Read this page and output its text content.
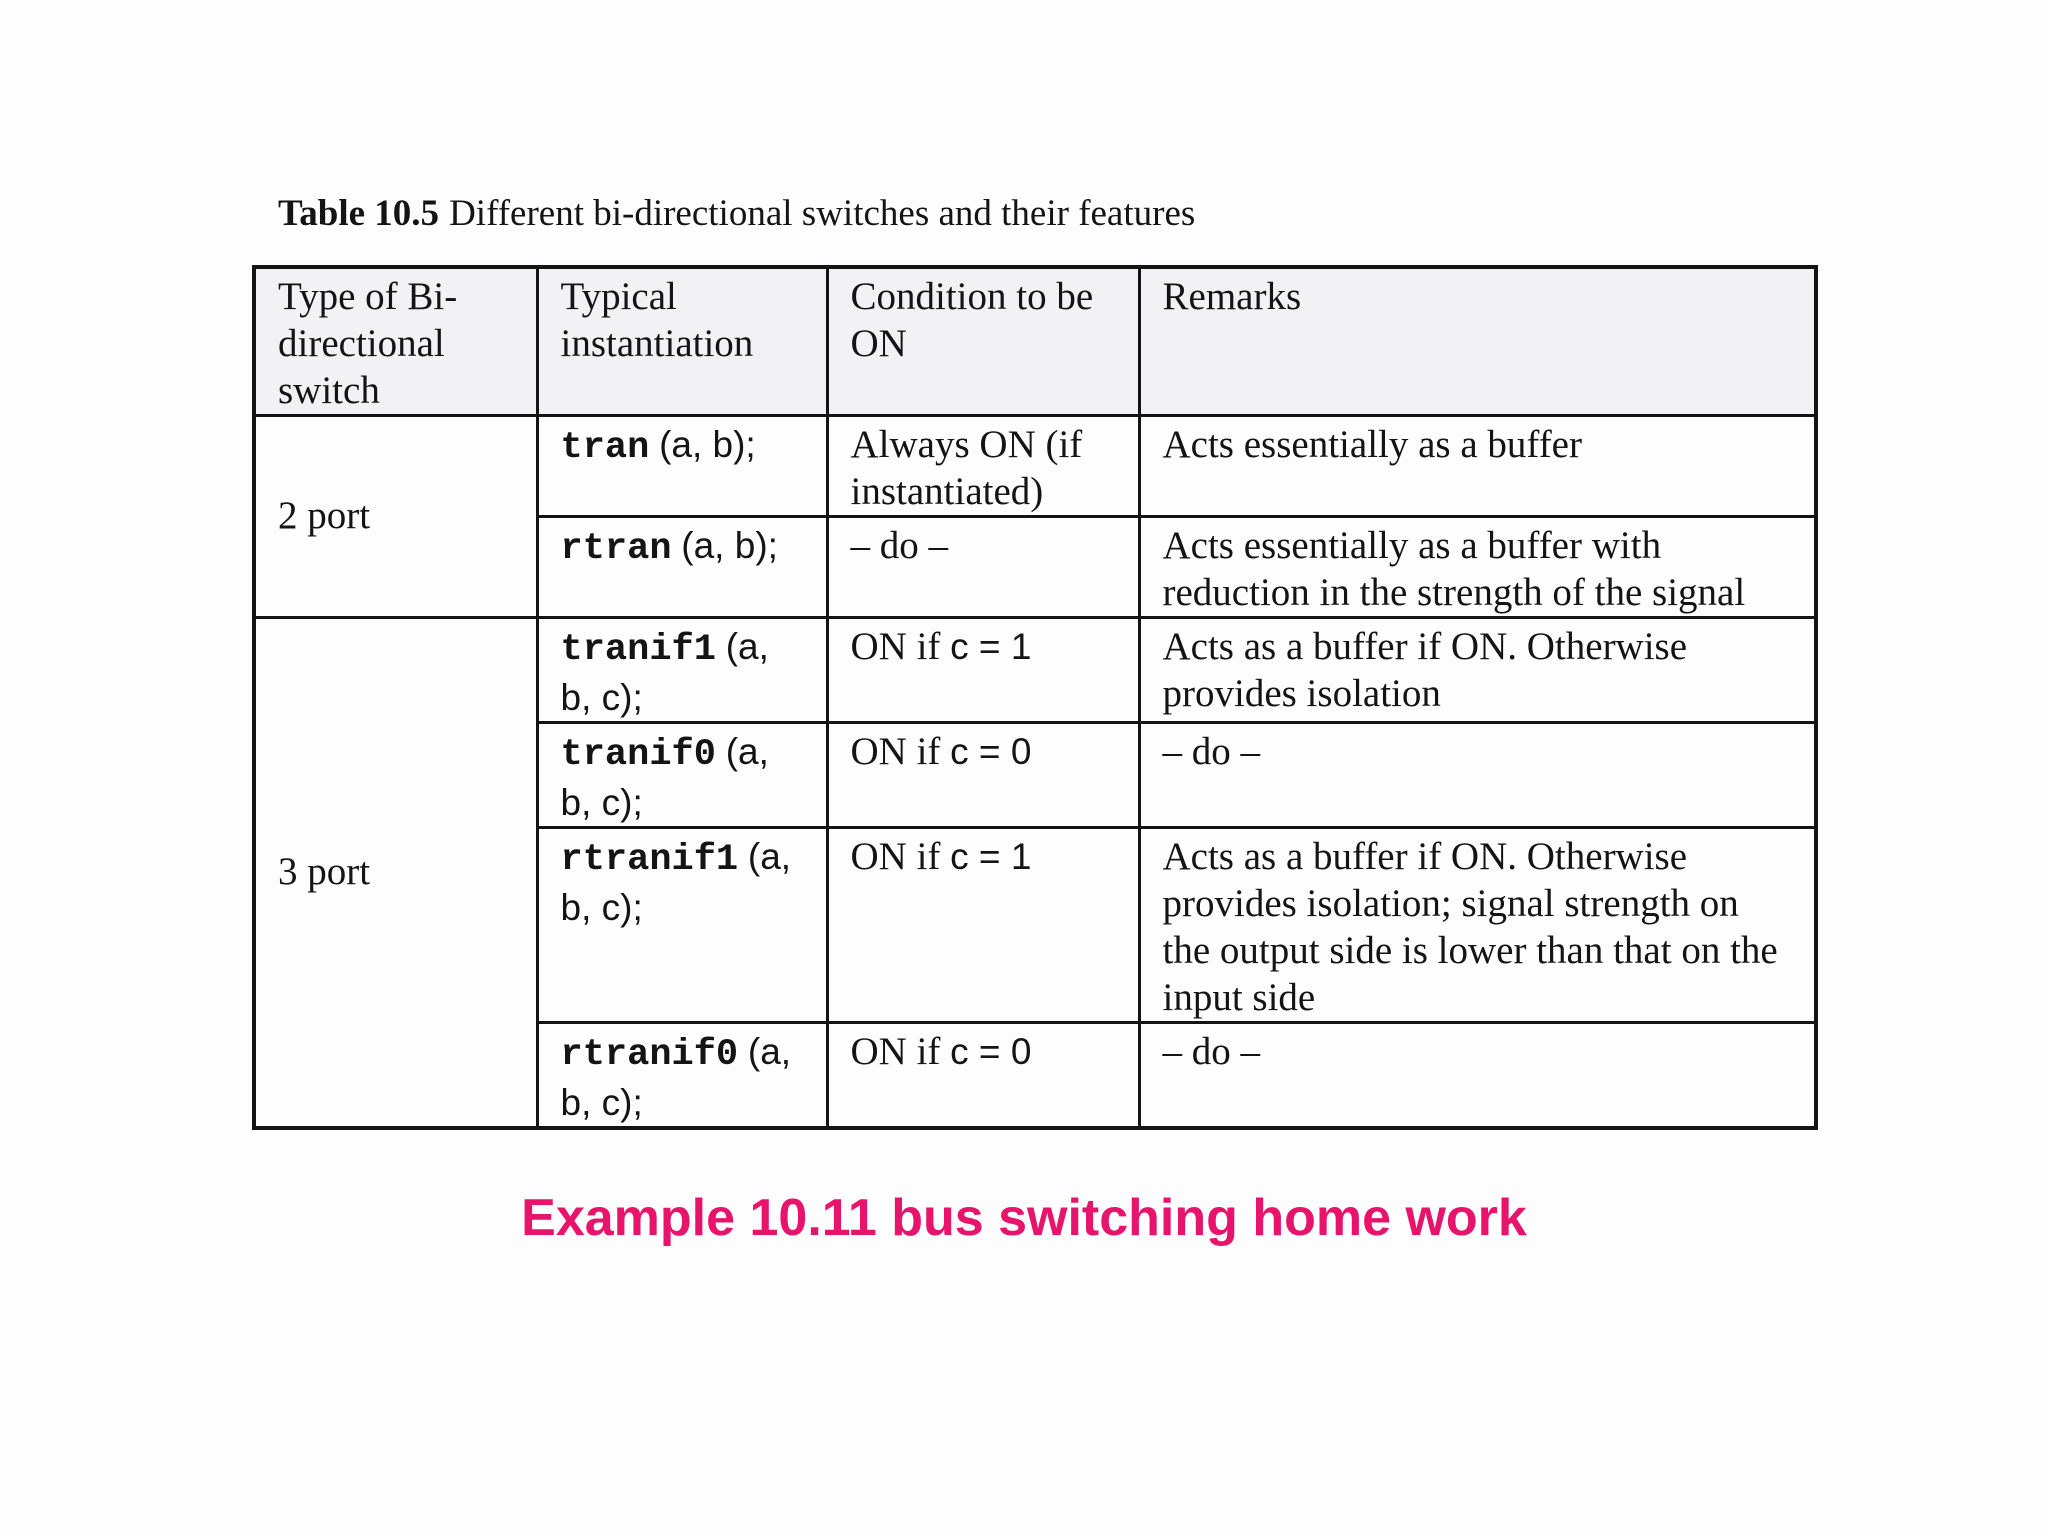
Table 10.5 Different bi-directional switches and their features
Type of Bi-directional switch	Typical instantiation	Condition to be ON	Remarks
2 port	tran (a, b);	Always ON (if instantiated)	Acts essentially as a buffer
	rtran (a, b);	– do –	Acts essentially as a buffer with reduction in the strength of the signal
3 port	tranif1 (a, b, c);	ON if c = 1	Acts as a buffer if ON. Otherwise provides isolation
	tranif0 (a, b, c);	ON if c = 0	– do –
	rtranif1 (a, b, c);	ON if c = 1	Acts as a buffer if ON. Otherwise provides isolation; signal strength on the output side is lower than that on the input side
	rtranif0 (a, b, c);	ON if c = 0	– do –
Example 10.11 bus switching home work
